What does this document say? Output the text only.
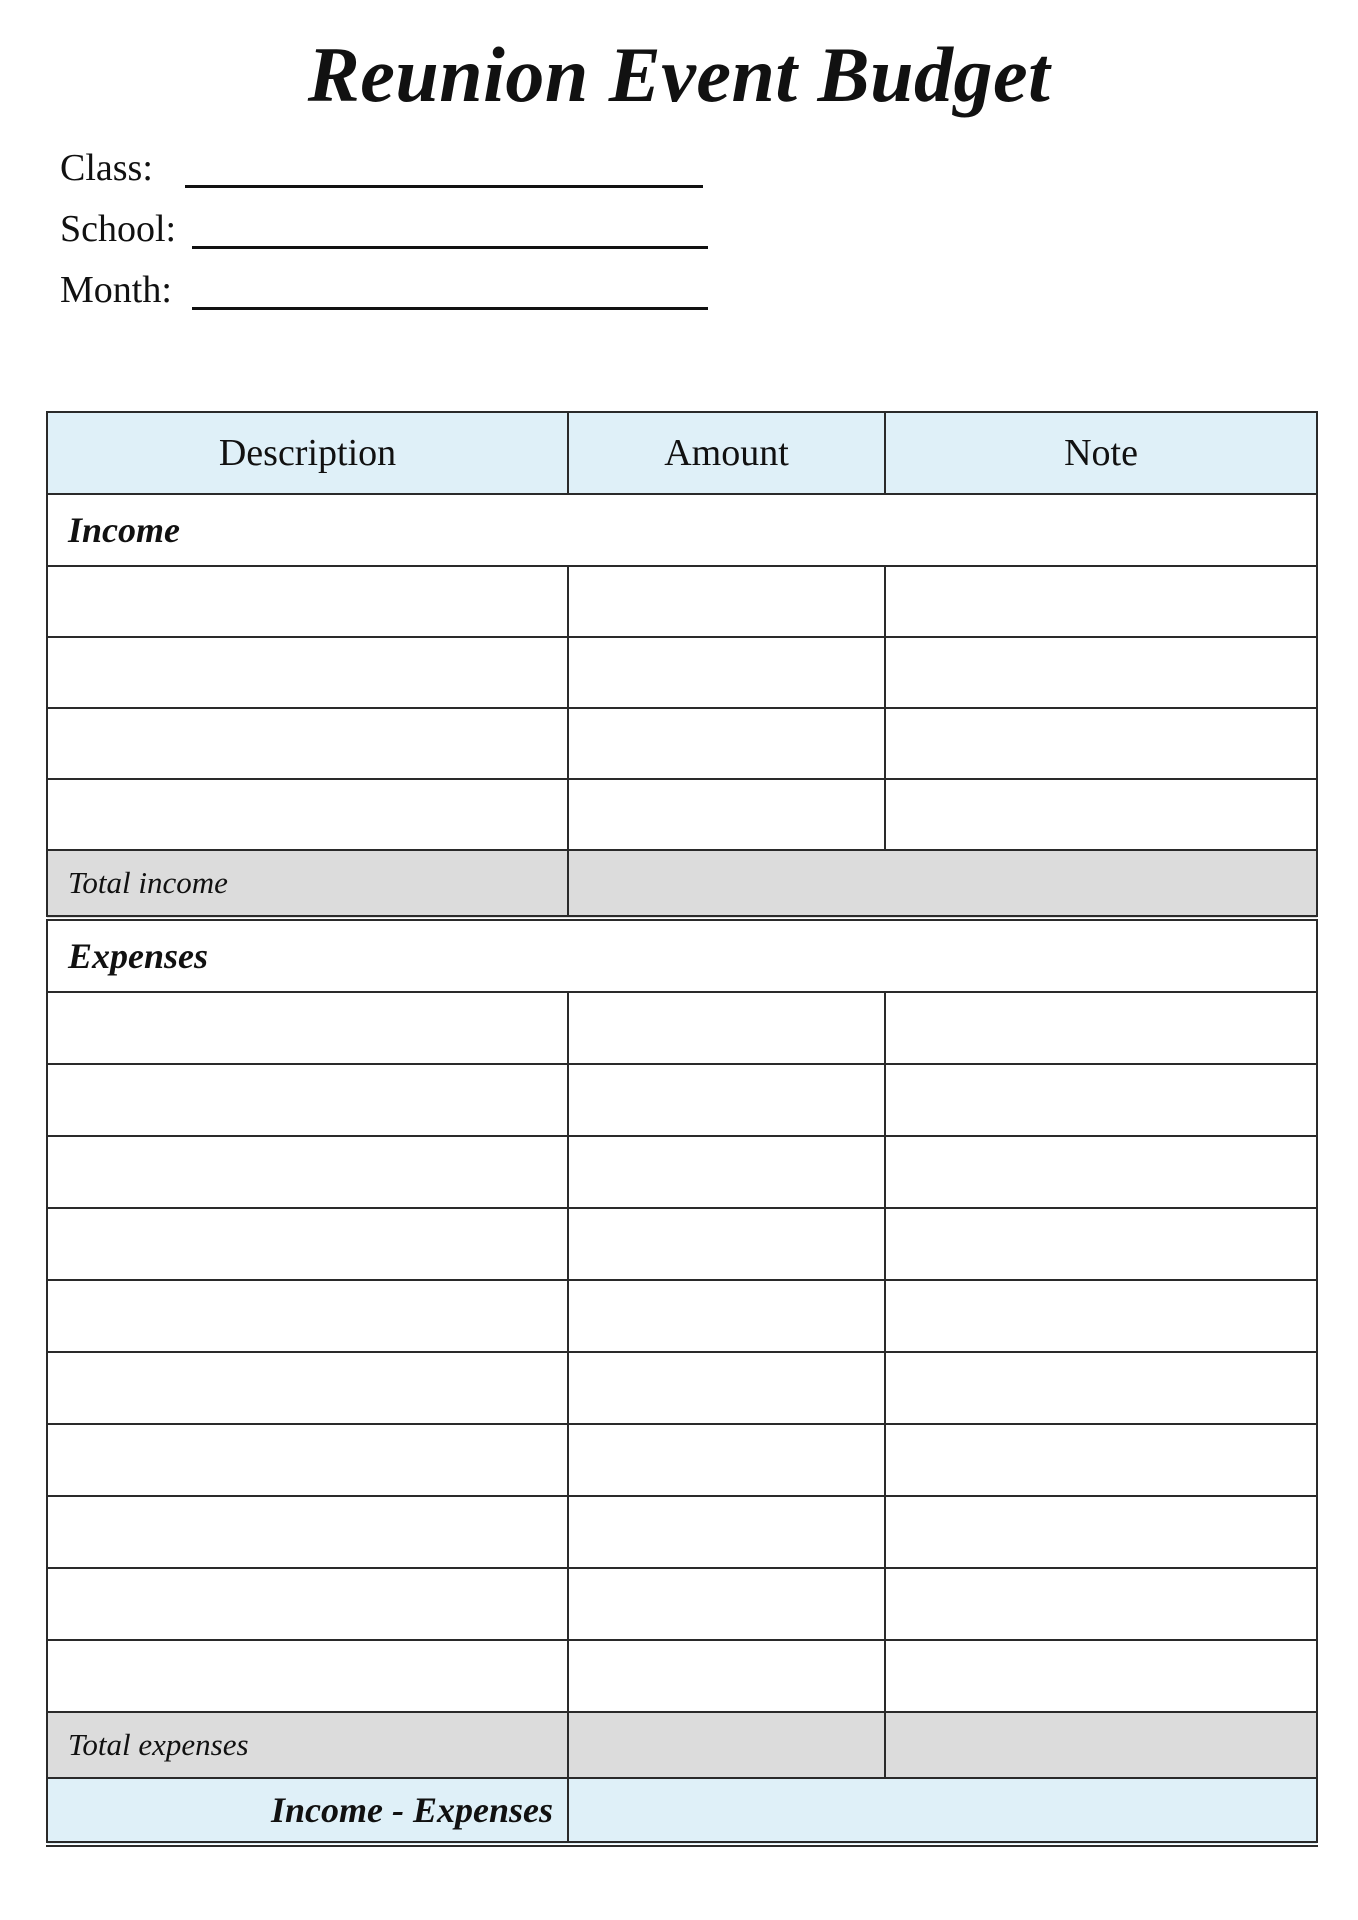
Reunion Event Budget
Class:
School:
Month:
Description	Amount	Note
Income		

Total income		
Expenses		

Total expenses		
Income - Expenses		
